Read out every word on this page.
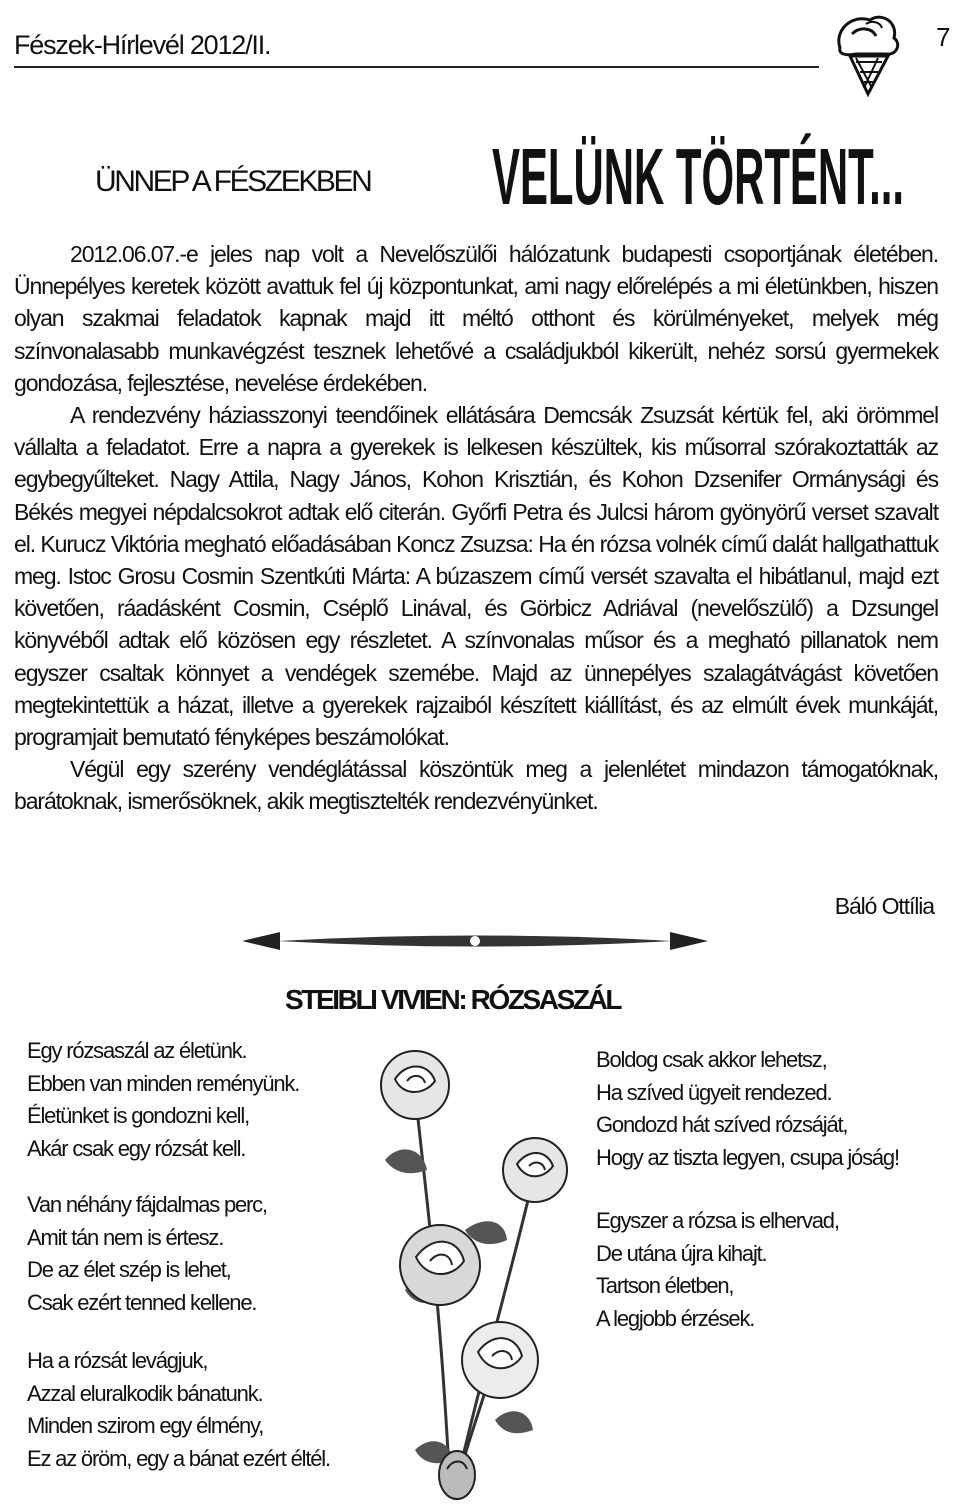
Fészek-Hírlevél 2012/II.	7
ÜNNEP A FÉSZEKBEN VELÜNK TÖRTÉNT...

2012.06.07.-e jeles nap volt a Nevelőszülői hálózatunk budapesti csoportjának életében. Ünnepélyes keretek között avattuk fel új központunkat, ami nagy előrelépés a mi életünkben, hiszen olyan szakmai feladatok kapnak majd itt méltó otthont és körülményeket, melyek még színvonalasabb munkavégzést tesznek lehetővé a családjukból kikerült, nehéz sorsú gyermekek gondozása, fejlesztése, nevelése érdekében.

A rendezvény háziasszonyi teendőinek ellátására Demcsák Zsuzsát kértük fel, aki örömmel vállalta a feladatot. Erre a napra a gyerekek is lelkesen készültek, kis műsorral szórakoztatták az egybegyűlteket. Nagy Attila, Nagy János, Kohon Krisztián, és Kohon Dzsenifer Ormánysági és Békés megyei népdalcsokrot adtak elő citerán. Győrfi Petra és Julcsi három gyönyörű verset szavalt el. Kurucz Viktória megható előadásában Koncz Zsuzsa: Ha én rózsa volnék című dalát hallgathattuk meg. Istoc Grosu Cosmin Szentkúti Márta: A búzaszem című versét szavalta el hibátlanul, majd ezt követően, ráadásként Cosmin, Cséplő Linával, és Görbicz Adriával (nevelőszülő) a Dzsungel könyvéből adtak elő közösen egy részletet. A színvonalas műsor és a megható pillanatok nem egyszer csaltak könnyet a vendégek szemébe. Majd az ünnepélyes szalagátvágást követően megtekintettük a házat, illetve a gyerekek rajzaiból készített kiállítást, és az elmúlt évek munkáját, programjait bemutató fényképes beszámolókat.

Végül egy szerény vendéglátással köszöntük meg a jelenlétet mindazon támogatóknak, barátoknak, ismerősöknek, akik megtisztelték rendezvényünket.

Báló Ottília
STEIBLI VIVIEN: RÓZSASZÁL
Egy rózsaszál az életünk.
Ebben van minden reményünk.
Életünket is gondozni kell,
Akár csak egy rózsát kell.
Van néhány fájdalmas perc,
Amit tán nem is értesz.
De az élet szép is lehet,
Csak ezért tenned kellene.
Ha a rózsát levágjuk,
Azzal eluralkodik bánatunk.
Minden szirom egy élmény,
Ez az öröm, egy a bánat ezért éltél.
Boldog csak akkor lehetsz,
Ha szíved ügyeit rendezed.
Gondozd hát szíved rózsáját,
Hogy az tiszta legyen, csupa jóság!
Egyszer a rózsa is elhervad,
De utána újra kihajt.
Tartson életben,
A legjobb érzések.
